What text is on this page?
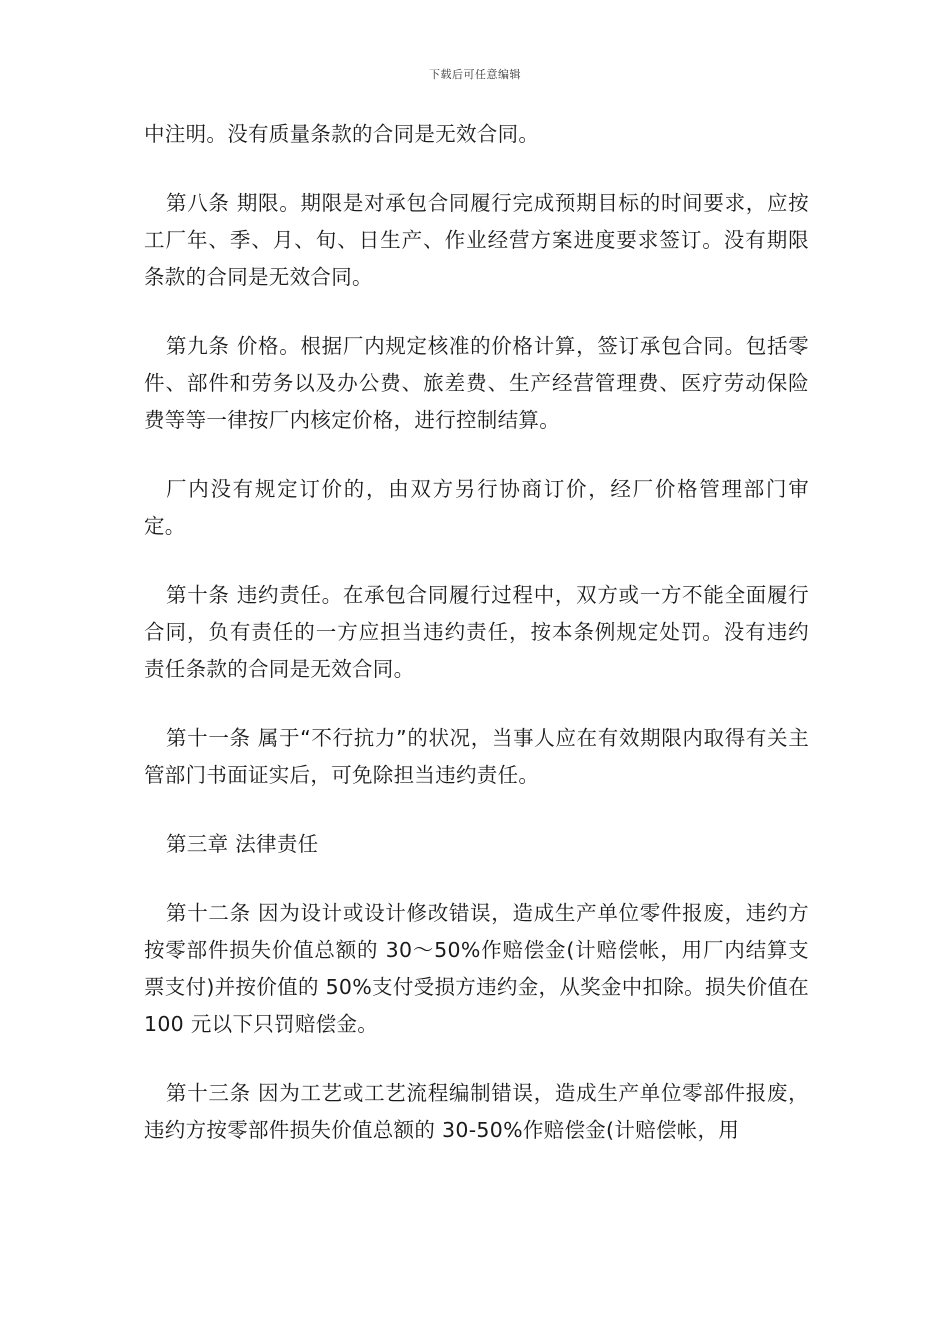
下载后可任意编辑

中注明。没有质量条款的合同是无效合同。

第八条 期限。期限是对承包合同履行完成预期目标的时间要求，应按工厂年、季、月、旬、日生产、作业经营方案进度要求签订。没有期限条款的合同是无效合同。

第九条 价格。根据厂内规定核准的价格计算，签订承包合同。包括零件、部件和劳务以及办公费、旅差费、生产经营管理费、医疗劳动保险费等等一律按厂内核定价格，进行控制结算。

厂内没有规定订价的，由双方另行协商订价，经厂价格管理部门审定。

第十条 违约责任。在承包合同履行过程中，双方或一方不能全面履行合同，负有责任的一方应担当违约责任，按本条例规定处罚。没有违约责任条款的合同是无效合同。

第十一条 属于“不行抗力”的状况，当事人应在有效期限内取得有关主管部门书面证实后，可免除担当违约责任。

第三章 法律责任

第十二条 因为设计或设计修改错误，造成生产单位零件报废，违约方按零部件损失价值总额的 30～50%作赔偿金(计赔偿帐，用厂内结算支票支付)并按价值的 50%支付受损方违约金，从奖金中扣除。损失价值在 100 元以下只罚赔偿金。

第十三条 因为工艺或工艺流程编制错误，造成生产单位零部件报废，违约方按零部件损失价值总额的 30-50%作赔偿金(计赔偿帐，用
